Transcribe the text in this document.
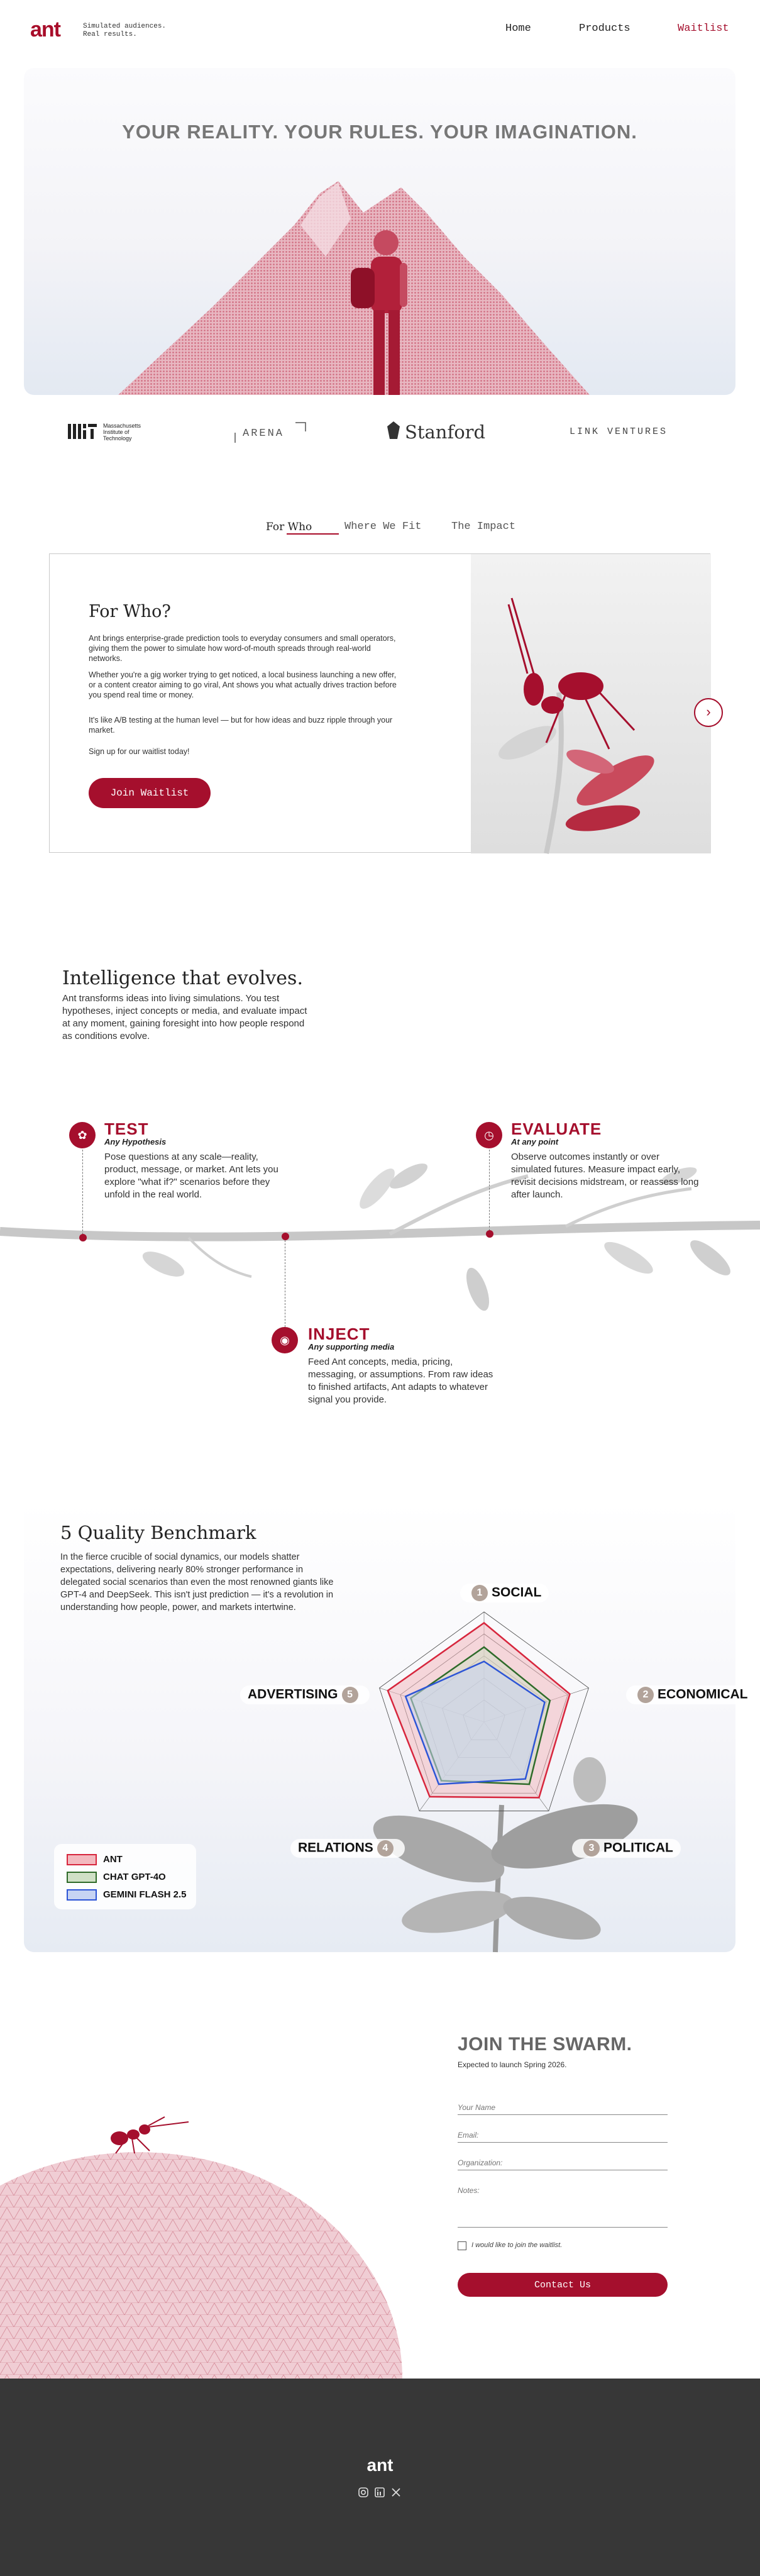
ant	Simulated audiences.
Real results.	Home	Products	Waitlist
YOUR REALITY. YOUR RULES. YOUR IMAGINATION.
Massachusetts
Institute of
Technology	ARENA	Stanford	LINK VENTURES
For Who	Where We Fit	The Impact
For Who?
Ant brings enterprise-grade prediction tools to everyday consumers and small operators, giving them the power to simulate how word-of-mouth spreads through real-world networks.
Whether you're a gig worker trying to get noticed, a local business launching a new offer, or a content creator aiming to go viral, Ant shows you what actually drives traction before you spend real time or money.
It's like A/B testing at the human level — but for how ideas and buzz ripple through your market.
Sign up for our waitlist today!
Join Waitlist
›
Intelligence that evolves.
Ant transforms ideas into living simulations. You test hypotheses, inject concepts or media, and evaluate impact at any moment, gaining foresight into how people respond as conditions evolve.
✿	TEST
Any Hypothesis
Pose questions at any scale—reality, product, message, or market. Ant lets you explore "what if?" scenarios before they unfold in the real world.
◷	EVALUATE
At any point
Observe outcomes instantly or over simulated futures. Measure impact early, revisit decisions midstream, or reassess long after launch.
◉	INJECT
Any supporting media
Feed Ant concepts, media, pricing, messaging, or assumptions. From raw ideas to finished artifacts, Ant adapts to whatever signal you provide.
5 Quality Benchmark
In the fierce crucible of social dynamics, our models shatter expectations, delivering nearly 80% stronger performance in delegated social scenarios than even the most renowned giants like GPT-4 and DeepSeek. This isn't just prediction — it's a revolution in understanding how people, power, and markets intertwine.
1 SOCIAL
2 ECONOMICAL
3 POLITICAL
RELATIONS 4
ADVERTISING 5
ANT
CHAT GPT-4O
GEMINI FLASH 2.5
JOIN THE SWARM.
Expected to launch Spring 2026.
Your Name
Email:
Organization:
Notes:
I would like to join the waitlist.
Contact Us
ant
